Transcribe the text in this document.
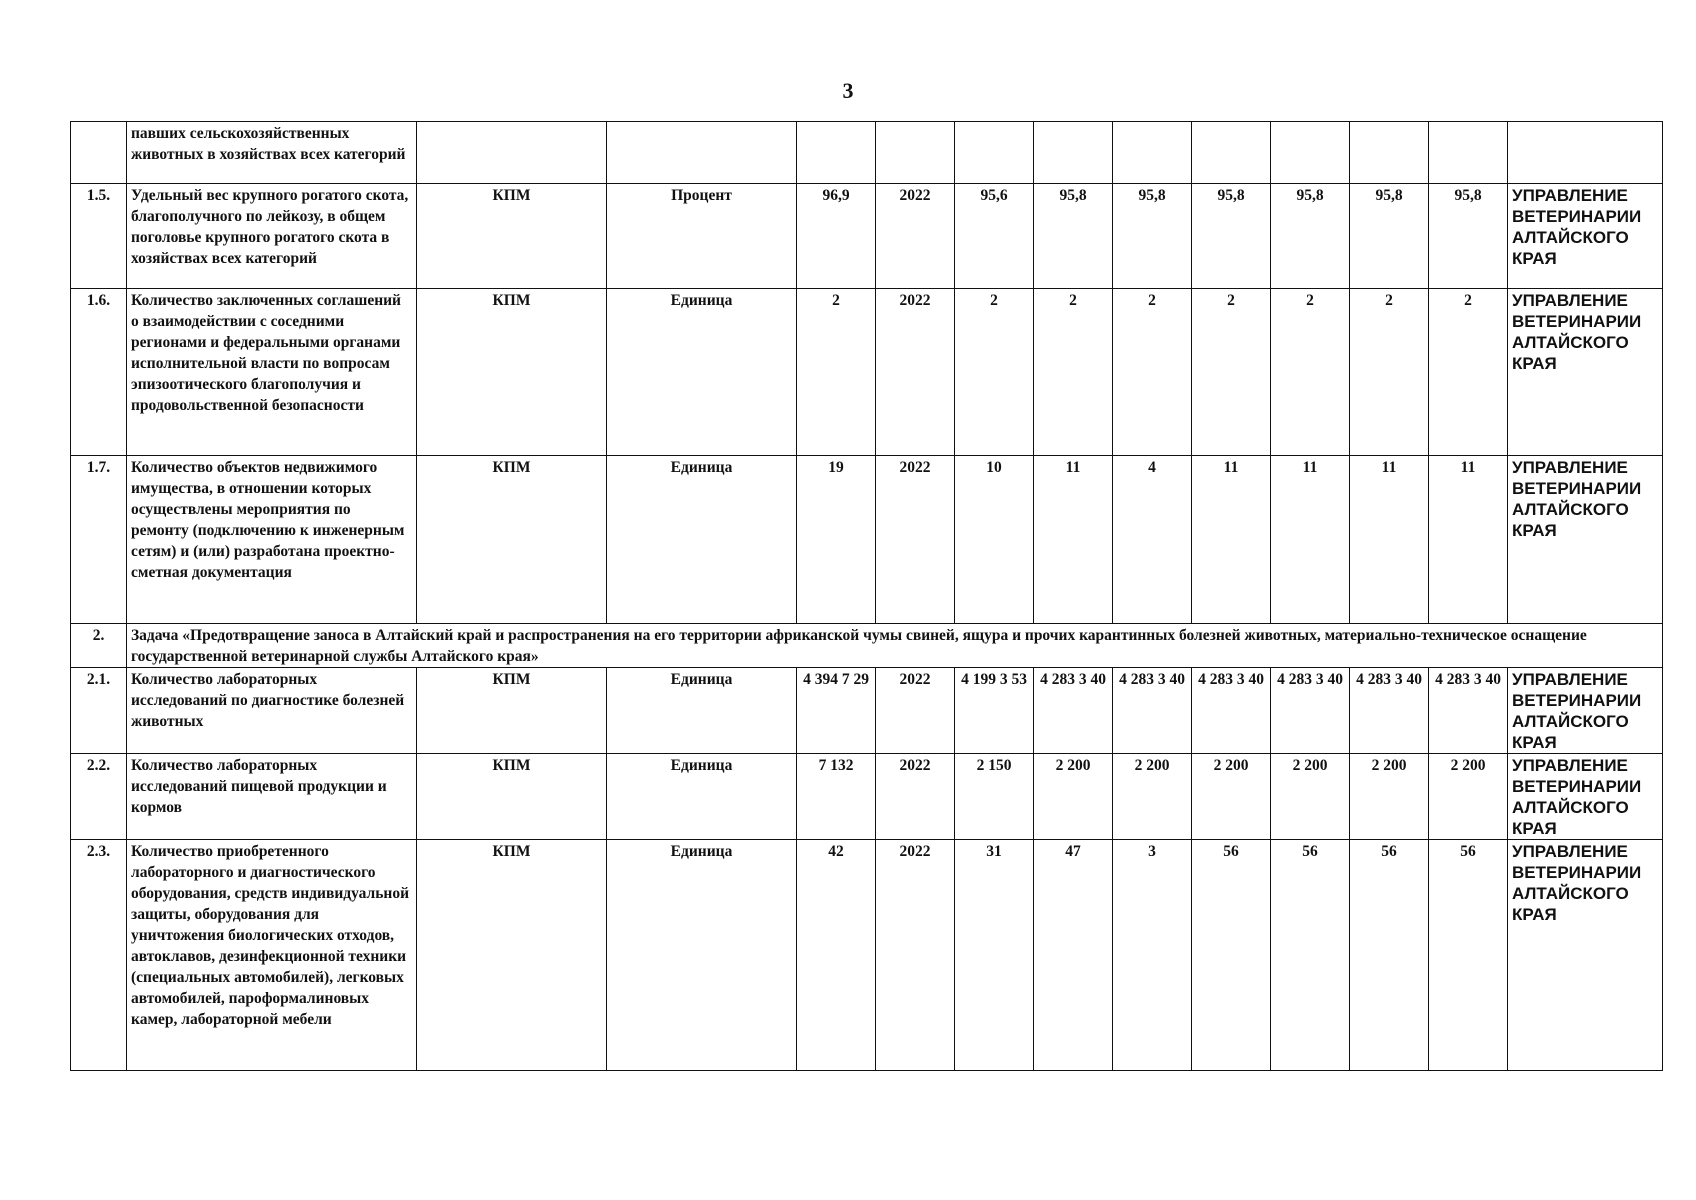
3
	павших сельскохозяйственных животных в хозяйствах всех категорий												
1.5.	Удельный вес крупного рогатого скота, благополучного по лейкозу, в общем поголовье крупного рогатого скота в хозяйствах всех категорий	КПМ	Процент	96,9	2022	95,6	95,8	95,8	95,8	95,8	95,8	95,8	УПРАВЛЕНИЕ ВЕТЕРИНАРИИ АЛТАЙСКОГО КРАЯ
1.6.	Количество заключенных соглашений о взаимодействии с соседними регионами и федеральными органами исполнительной власти по вопросам эпизоотического благополучия и продовольственной безопасности	КПМ	Единица	2	2022	2	2	2	2	2	2	2	УПРАВЛЕНИЕ ВЕТЕРИНАРИИ АЛТАЙСКОГО КРАЯ
1.7.	Количество объектов недвижимого имущества, в отношении которых осуществлены мероприятия по ремонту (подключению к инженерным сетям) и (или) разработана проектно-сметная документация	КПМ	Единица	19	2022	10	11	4	11	11	11	11	УПРАВЛЕНИЕ ВЕТЕРИНАРИИ АЛТАЙСКОГО КРАЯ
2.	Задача «Предотвращение заноса в Алтайский край и распространения на его территории африканской чумы свиней, ящура и прочих карантинных болезней животных, материально-техническое оснащение государственной ветеринарной службы Алтайского края»												
2.1.	Количество лабораторных исследований по диагностике болезней животных	КПМ	Единица	4 394 7 29	2022	4 199 3 53	4 283 3 40	4 283 3 40	4 283 3 40	4 283 3 40	4 283 3 40	4 283 3 40	УПРАВЛЕНИЕ ВЕТЕРИНАРИИ АЛТАЙСКОГО КРАЯ
2.2.	Количество лабораторных исследований пищевой продукции и кормов	КПМ	Единица	7 132	2022	2 150	2 200	2 200	2 200	2 200	2 200	2 200	УПРАВЛЕНИЕ ВЕТЕРИНАРИИ АЛТАЙСКОГО КРАЯ
2.3.	Количество приобретенного лабораторного и диагностического оборудования, средств индивидуальной защиты, оборудования для уничтожения биологических отходов, автоклавов, дезинфекционной техники (специальных автомобилей), легковых автомобилей, пароформалиновых камер, лабораторной мебели	КПМ	Единица	42	2022	31	47	3	56	56	56	56	УПРАВЛЕНИЕ ВЕТЕРИНАРИИ АЛТАЙСКОГО КРАЯ
